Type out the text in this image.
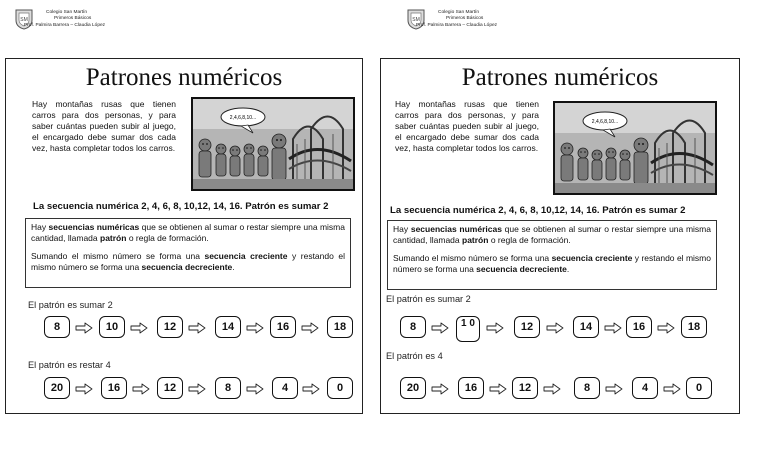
Colegio San Martín
Primeros Básicos
Prof. Palmira Barrera – Claudia López
Patrones numéricos
Hay montañas rusas que tienen carros para dos personas, y para saber cuántas pueden subir al juego, el encargado debe sumar dos cada vez, hasta completar todos los carros.
2,4,6,8,10...
La secuencia numérica 2, 4, 6, 8, 10,12, 14, 16. Patrón es sumar 2

Hay secuencias numéricas que se obtienen al sumar o restar siempre una misma cantidad, llamada patrón o regla de formación.

Sumando el mismo número se forma una secuencia creciente y restando el mismo número se forma una secuencia decreciente.

El patrón es sumar 2
8	10	12	14	16	18
El patrón es restar 4
20	16	12	8	4	0
Colegio San Martín
Primeros Básicos
Prof. Palmira Barrera – Claudia López
Patrones numéricos
Hay montañas rusas que tienen carros para dos personas, y para saber cuántas pueden subir al juego, el encargado debe sumar dos cada vez, hasta completar todos los carros.
2,4,6,8,10...
La secuencia numérica 2, 4, 6, 8, 10,12, 14, 16. Patrón es sumar 2

Hay secuencias numéricas que se obtienen al sumar o restar siempre una misma cantidad, llamada patrón o regla de formación.

Sumando el mismo número se forma una secuencia creciente y restando el mismo número se forma una secuencia decreciente.

El patrón es sumar 2
8	1 0	12	14	16	18
El patrón es 4
20	16	12	8	4	0
